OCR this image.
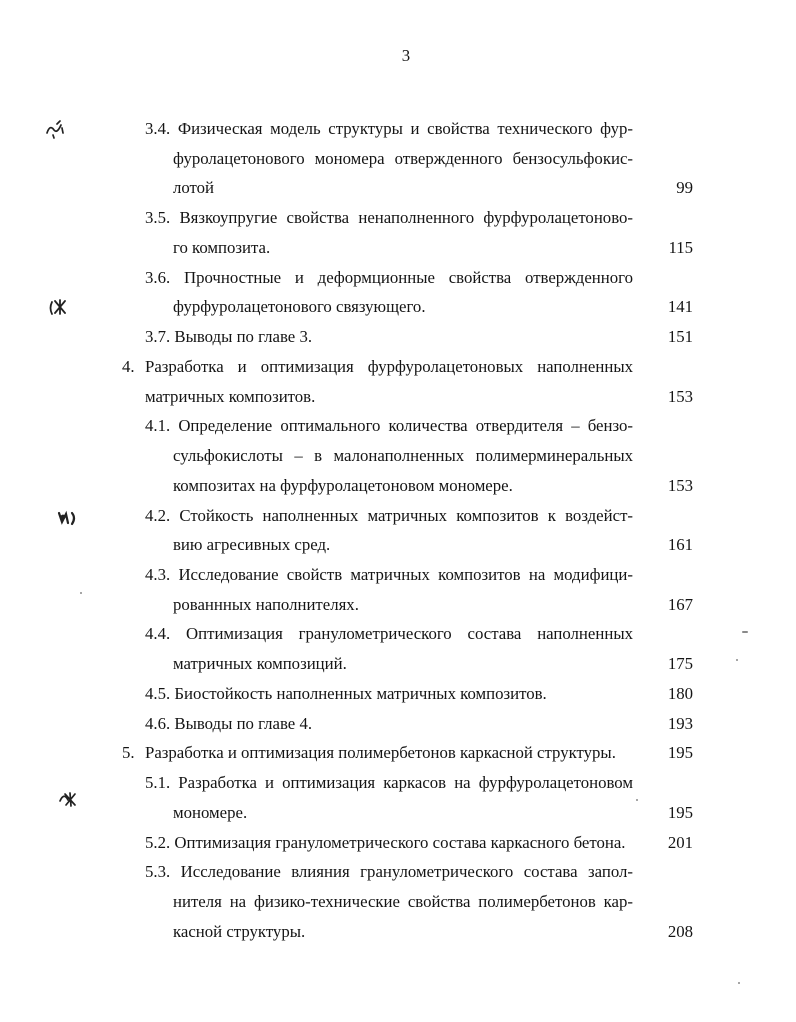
3
3.4. Физическая модель структуры и свойства технического фур-
фуролацетонового мономера отвержденного бензосульфокис-
лотой	99
3.5. Вязкоупругие свойства ненаполненного фурфуролацетоново-
го композита.	115
3.6. Прочностные и деформционные свойства отвержденного
фурфуролацетонового связующего.	141
3.7. Выводы по главе 3.	151
4. Разработка и оптимизация фурфуролацетоновых наполненных
матричных композитов.	153
4.1. Определение оптимального количества отвердителя – бензо-
сульфокислоты – в малонаполненных полимерминеральных
композитах на фурфуролацетоновом мономере.	153
4.2. Стойкость наполненных матричных композитов к воздейст-
вию агресивных сред.	161
4.3. Исследование свойств матричных композитов на модифици-
рованнных наполнителях.	167
4.4. Оптимизация гранулометрического состава наполненных
матричных композиций.	175
4.5. Биостойкость наполненных матричных композитов.	180
4.6. Выводы по главе 4.	193
5. Разработка и оптимизация полимербетонов каркасной структуры.	195
5.1. Разработка и оптимизация каркасов на фурфуролацетоновом
мономере.	195
5.2. Оптимизация гранулометрического состава каркасного бетона.	201
5.3. Исследование влияния гранулометрического состава запол-
нителя на физико-технические свойства полимербетонов кар-
касной структуры.	208
